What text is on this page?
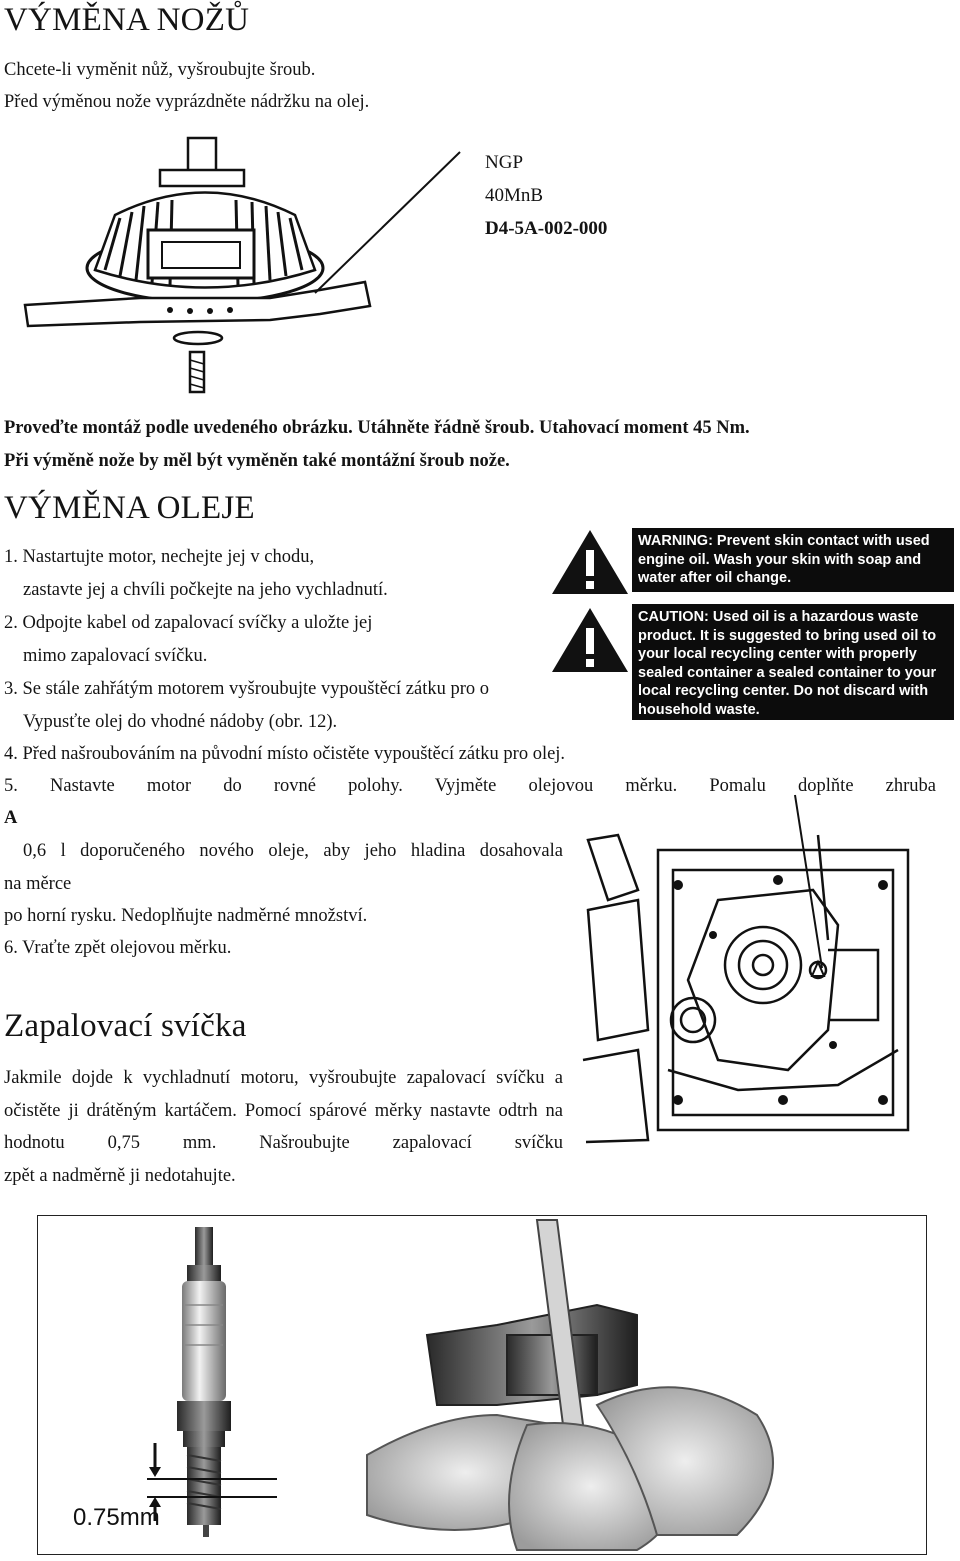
VÝMĚNA NOŽŮ

Chcete-li vyměnit nůž, vyšroubujte šroub.

Před výměnou nože vyprázdněte nádržku na olej.

NGP
40MnB
D4-5A-002-000

Proveďte montáž podle uvedeného obrázku. Utáhněte řádně šroub. Utahovací moment 45 Nm.

Při výměně nože by měl být vyměněn také montážní šroub nože.

VÝMĚNA OLEJE

1. Nastartujte motor, nechejte jej v chodu,

zastavte jej a chvíli počkejte na jeho vychladnutí.

2. Odpojte kabel od zapalovací svíčky a uložte jej

mimo zapalovací svíčku.

3. Se stále zahřátým motorem vyšroubujte vypouštěcí zátku pro o

Vypusťte olej do vhodné nádoby (obr. 12).

4. Před našroubováním na původní místo očistěte vypouštěcí zátku pro olej.

5. Nastavte motor do rovné polohy. Vyjměte olejovou měrku. Pomalu doplňte zhruba

A

0,6 l doporučeného nového oleje, aby jeho hladina dosahovala

na měrce

po horní rysku. Nedoplňujte nadměrné množství.

6. Vraťte zpět olejovou měrku.

WARNING: Prevent skin contact with used
engine oil. Wash your skin with soap and
water after oil change.
CAUTION: Used oil is a hazardous waste
product. It is suggested to bring used oil to
your local recycling center with properly
sealed container a sealed container to your
local recycling center. Do not discard with
household waste.
Zapalovací svíčka

Jakmile dojde k vychladnutí motoru, vyšroubujte zapalovací svíčku a očistěte ji drátěným kartáčem. Pomocí spárové měrky nastavte odtrh na hodnotu 0,75 mm. Našroubujte zapalovací svíčku

zpět a nadměrně ji nedotahujte.

0.75mm
